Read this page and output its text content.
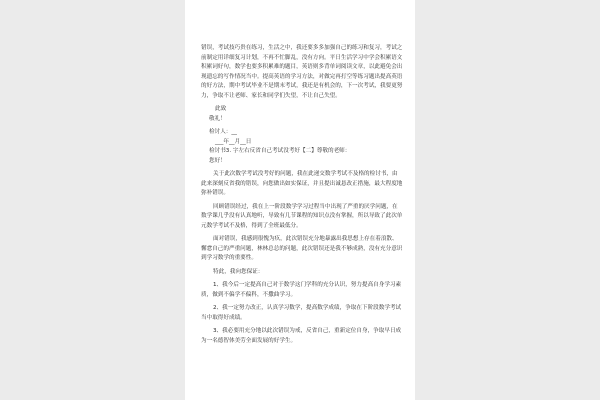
错误，考试技巧贵在练习，生活之中，我还要多多加强自己的练习和复习，考试之前制定用详细复习计划，不再不忙脚乱，没有方向。平日生活学习中学会积累语文积累词好句，数学也要多积累难的题目，英语则多背单词阅读文章，以此避免会出现遗忘的写作情况当中。提高英语的学习方法，对做完再打空等练习题出提高英语的好方法，期中考试毕业不是期末考试，我还是有机会的，下一次考试，我要更努力，争取不让老师、家长和同学们失望，不让自己失望。

此致

敬礼！

检讨人：__

___年__月__日

检讨书3. 字左右反省自己考试没考好【二】尊敬的老师：

您好！

关于此次数学考试没考好的问题，我在此递交数学考试不及格的检讨书，由此来深刻反省我的错误，向您做出如实保证，并且提出诚恳改正措施，最大程度地弥补错误。

回顾错误经过，我在上一阶段数学学习过程当中出现了严重的厌学问题，在数学课几乎没有认真地听，导致有几节课程的知识点没有掌握，所以导致了此次单元数学考试不及格，得到了全班最低分。

面对错误，我感到很愧为疚，此次错误充分地暴露出我思想上存在着浪散、懈怠自己的严重问题，林林总总的问题，此次错误还是我不够成熟，没有充分意识到学习数学的重要性。

特此，我向您保证：

1、我今后一定提高自己对于数学这门学科的充分认识，努力提高自身学习素质，做到不偏学不偏科，不撒曲学习。

2、我一定努力改正，认真学习数学，提高数学成绩，争取在下阶段数学考试当中取得好成绩。

3、我必要用充分地以此次错误为戒，反省自己，重新定位自身，争取早日成为一名德智体美劳全面发展的好学生。
